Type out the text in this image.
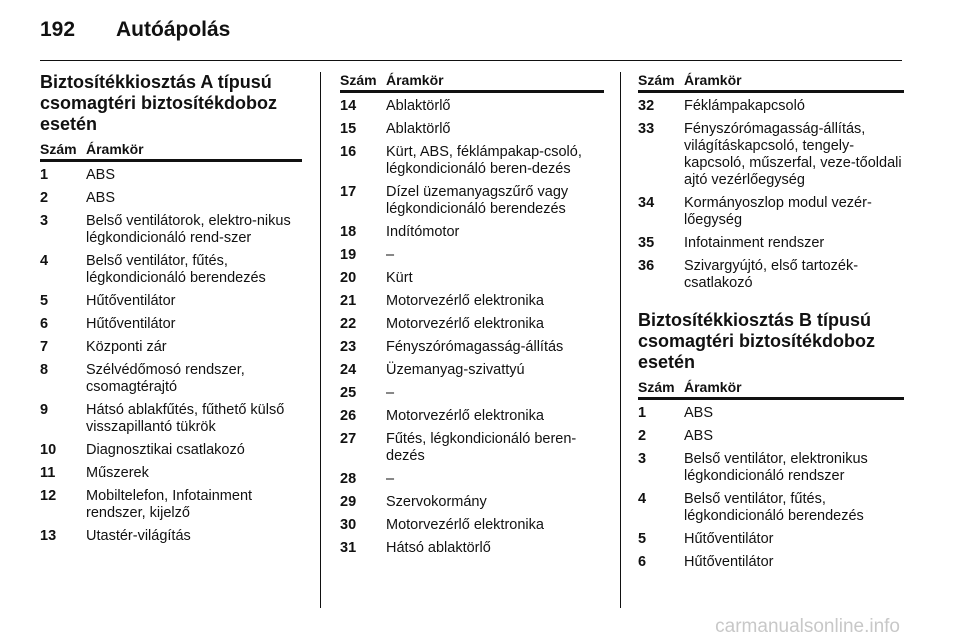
192 Autóápolás
Biztosítékkiosztás A típusú csomagtéri biztosítékdoboz esetén
Szám Áramkör
1	ABS
2	ABS
3	Belső ventilátorok, elektro-nikus légkondicionáló rend-szer
4	Belső ventilátor, fűtés, légkondicionáló berendezés
5	Hűtőventilátor
6	Hűtőventilátor
7	Központi zár
8	Szélvédőmosó rendszer, csomagtérajtó
9	Hátsó ablakfűtés, fűthető külső visszapillantó tükrök
10	Diagnosztikai csatlakozó
11	Műszerek
12	Mobiltelefon, Infotainment rendszer, kijelző
13	Utastér-világítás
Szám Áramkör
14	Ablaktörlő
15	Ablaktörlő
16	Kürt, ABS, féklámpakap-csoló, légkondicionáló beren-dezés
17	Dízel üzemanyagszűrő vagy légkondicionáló berendezés
18	Indítómotor
19	–
20	Kürt
21	Motorvezérlő elektronika
22	Motorvezérlő elektronika
23	Fényszórómagasság-állítás
24	Üzemanyag-szivattyú
25	–
26	Motorvezérlő elektronika
27	Fűtés, légkondicionáló beren-dezés
28	–
29	Szervokormány
30	Motorvezérlő elektronika
31	Hátsó ablaktörlő
Szám Áramkör
32	Féklámpakapcsoló
33	Fényszórómagasság-állítás, világításkapcsoló, tengely-kapcsoló, műszerfal, veze-tőoldali ajtó vezérlőegység
34	Kormányoszlop modul vezér-lőegység
35	Infotainment rendszer
36	Szivargyújtó, első tartozék-csatlakozó
Biztosítékkiosztás B típusú csomagtéri biztosítékdoboz esetén
Szám Áramkör
1	ABS
2	ABS
3	Belső ventilátor, elektronikus légkondicionáló rendszer
4	Belső ventilátor, fűtés, légkondicionáló berendezés
5	Hűtőventilátor
6	Hűtőventilátor
carmanualsonline.info
